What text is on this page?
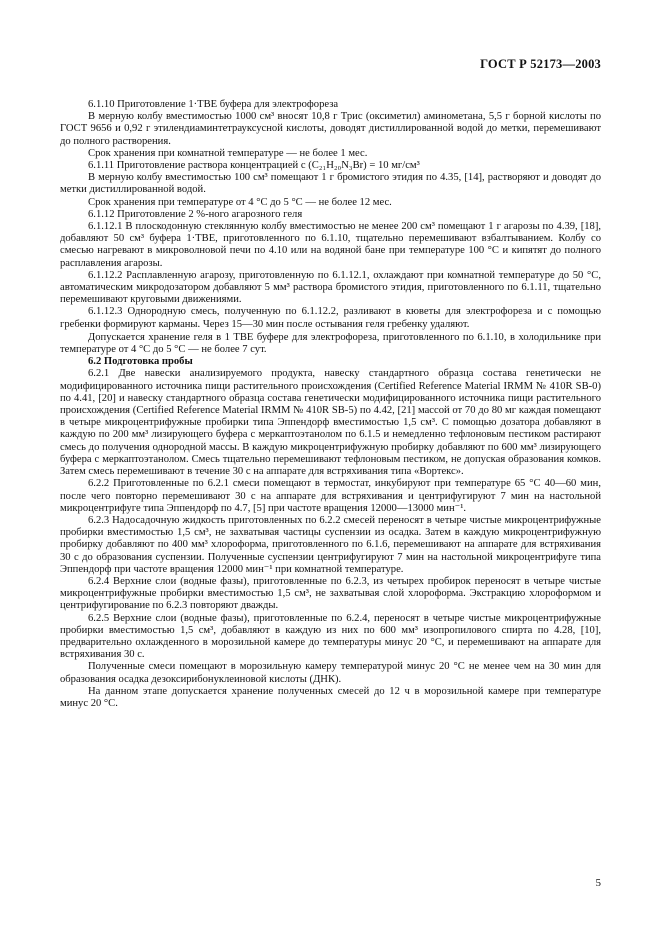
ГОСТ Р 52173—2003

6.1.10 Приготовление 1·ТВЕ буфера для электрофореза

В мерную колбу вместимостью 1000 см³ вносят 10,8 г Трис (оксиметил) аминометана, 5,5 г борной кислоты по ГОСТ 9656 и 0,92 г этилендиаминтетрауксусной кислоты, доводят дистиллированной водой до метки, перемешивают до полного растворения.

Срок хранения при комнатной температуре — не более 1 мес.

6.1.11 Приготовление раствора концентрацией c (C₂₁H₂₀N₃Br) = 10 мг/см³

В мерную колбу вместимостью 100 см³ помещают 1 г бромистого этидия по 4.35, [14], растворяют и доводят до метки дистиллированной водой.

Срок хранения при температуре от 4 °С до 5 °С — не более 12 мес.

6.1.12 Приготовление 2 %-ного агарозного геля

6.1.12.1 В плоскодонную стеклянную колбу вместимостью не менее 200 см³ помещают 1 г агарозы по 4.39, [18], добавляют 50 см³ буфера 1·ТВЕ, приготовленного по 6.1.10, тщательно перемешивают взбалтыванием. Колбу со смесью нагревают в микроволновой печи по 4.10 или на водяной бане при температуре 100 °С и кипятят до полного расплавления агарозы.

6.1.12.2 Расплавленную агарозу, приготовленную по 6.1.12.1, охлаждают при комнатной температуре до 50 °С, автоматическим микродозатором добавляют 5 мм³ раствора бромистого этидия, приготовленного по 6.1.11, тщательно перемешивают круговыми движениями.

6.1.12.3 Однородную смесь, полученную по 6.1.12.2, разливают в кюветы для электрофореза и с помощью гребенки формируют карманы. Через 15—30 мин после остывания геля гребенку удаляют.

Допускается хранение геля в 1 ТВЕ буфере для электрофореза, приготовленного по 6.1.10, в холодильнике при температуре от 4 °С до 5 °С — не более 7 сут.

6.2 Подготовка пробы

6.2.1 Две навески анализируемого продукта, навеску стандартного образца состава генетически не модифицированного источника пищи растительного происхождения (Certified Reference Material IRMM № 410R SB-0) по 4.41, [20] и навеску стандартного образца состава генетически модифицированного источника пищи растительного происхождения (Certified Reference Material IRMM № 410R SB-5) по 4.42, [21] массой от 70 до 80 мг каждая помещают в четыре микроцентрифужные пробирки типа Эппендорф вместимостью 1,5 см³. С помощью дозатора добавляют в каждую по 200 мм³ лизирующего буфера с меркаптоэтанолом по 6.1.5 и немедленно тефлоновым пестиком растирают смесь до получения однородной массы. В каждую микроцентрифужную пробирку добавляют по 600 мм³ лизирующего буфера с меркаптоэтанолом. Смесь тщательно перемешивают тефлоновым пестиком, не допуская образования комков. Затем смесь перемешивают в течение 30 с на аппарате для встряхивания типа «Вортекс».

6.2.2 Приготовленные по 6.2.1 смеси помещают в термостат, инкубируют при температуре 65 °С 40—60 мин, после чего повторно перемешивают 30 с на аппарате для встряхивания и центрифугируют 7 мин на настольной микроцентрифуге типа Эппендорф по 4.7, [5] при частоте вращения 12000—13000 мин⁻¹.

6.2.3 Надосадочную жидкость приготовленных по 6.2.2 смесей переносят в четыре чистые микроцентрифужные пробирки вместимостью 1,5 см³, не захватывая частицы суспензии из осадка. Затем в каждую микроцентрифужную пробирку добавляют по 400 мм³ хлороформа, приготовленного по 6.1.6, перемешивают на аппарате для встряхивания 30 с до образования суспензии. Полученные суспензии центрифугируют 7 мин на настольной микроцентрифуге типа Эппендорф при частоте вращения 12000 мин⁻¹ при комнатной температуре.

6.2.4 Верхние слои (водные фазы), приготовленные по 6.2.3, из четырех пробирок переносят в четыре чистые микроцентрифужные пробирки вместимостью 1,5 см³, не захватывая слой хлороформа. Экстракцию хлороформом и центрифугирование по 6.2.3 повторяют дважды.

6.2.5 Верхние слои (водные фазы), приготовленные по 6.2.4, переносят в четыре чистые микроцентрифужные пробирки вместимостью 1,5 см³, добавляют в каждую из них по 600 мм³ изопропилового спирта по 4.28, [10], предварительно охлажденного в морозильной камере до температуры минус 20 °С, и перемешивают на аппарате для встряхивания 30 с.

Полученные смеси помещают в морозильную камеру температурой минус 20 °С не менее чем на 30 мин для образования осадка дезоксирибонуклеиновой кислоты (ДНК).

На данном этапе допускается хранение полученных смесей до 12 ч в морозильной камере при температуре минус 20 °С.

5
